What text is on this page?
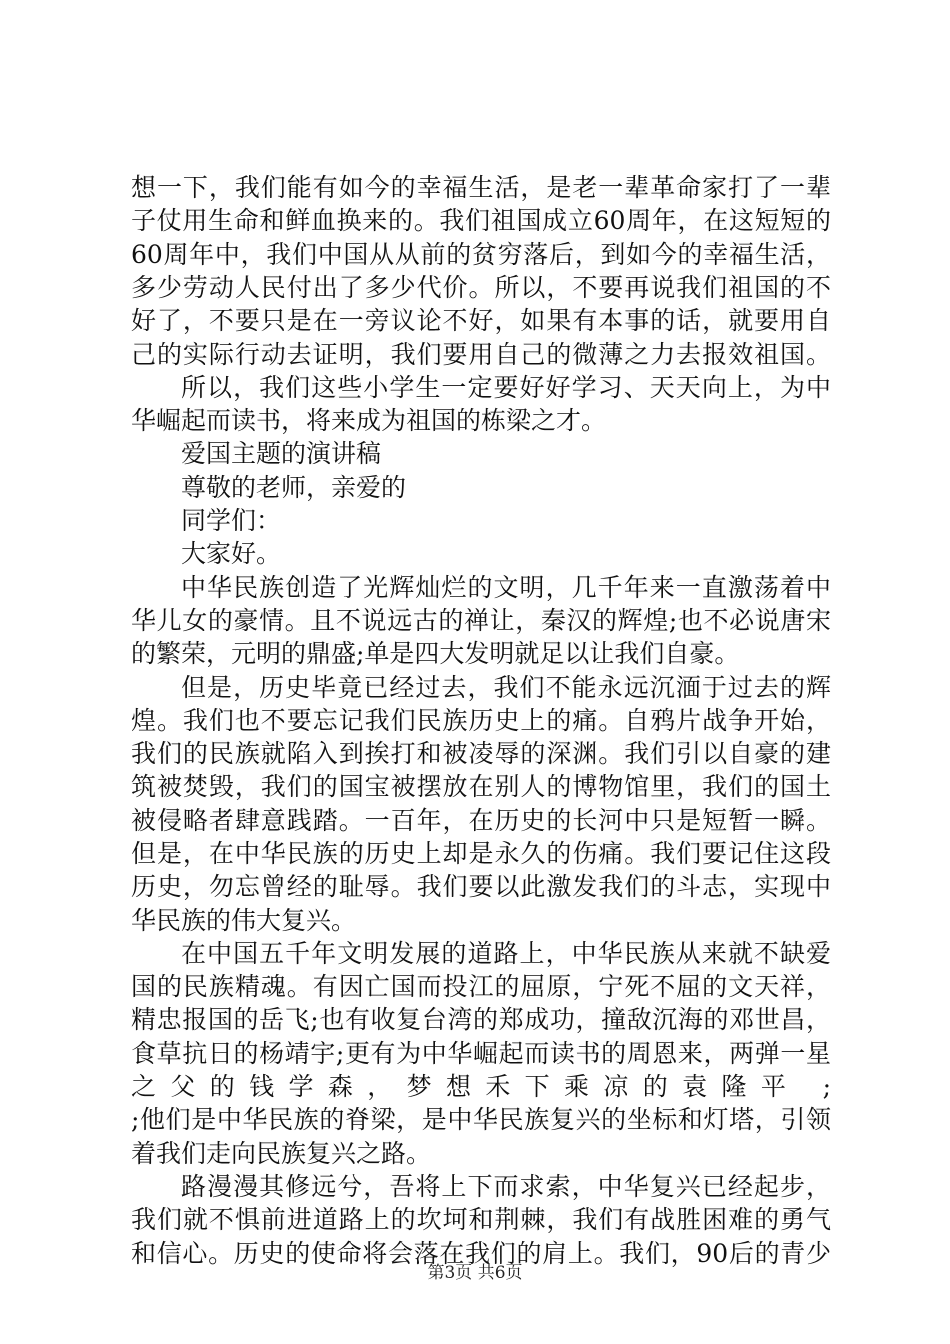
想一下，我们能有如今的幸福生活，是老一辈革命家打了一辈
子仗用生命和鲜血换来的。我们祖国成立60周年，在这短短的
60周年中，我们中国从从前的贫穷落后，到如今的幸福生活，
多少劳动人民付出了多少代价。所以，不要再说我们祖国的不
好了，不要只是在一旁议论不好，如果有本事的话，就要用自
己的实际行动去证明，我们要用自己的微薄之力去报效祖国。
所以，我们这些小学生一定要好好学习、天天向上，为中
华崛起而读书，将来成为祖国的栋梁之才。
爱国主题的演讲稿
尊敬的老师，亲爱的
同学们：
大家好。
中华民族创造了光辉灿烂的文明，几千年来一直激荡着中
华儿女的豪情。且不说远古的禅让，秦汉的辉煌;也不必说唐宋
的繁荣，元明的鼎盛;单是四大发明就足以让我们自豪。
但是，历史毕竟已经过去，我们不能永远沉湎于过去的辉
煌。我们也不要忘记我们民族历史上的痛。自鸦片战争开始，
我们的民族就陷入到挨打和被凌辱的深渊。我们引以自豪的建
筑被焚毁，我们的国宝被摆放在别人的博物馆里，我们的国土
被侵略者肆意践踏。一百年，在历史的长河中只是短暂一瞬。
但是，在中华民族的历史上却是永久的伤痛。我们要记住这段
历史，勿忘曾经的耻辱。我们要以此激发我们的斗志，实现中
华民族的伟大复兴。
在中国五千年文明发展的道路上，中华民族从来就不缺爱
国的民族精魂。有因亡国而投江的屈原，宁死不屈的文天祥，
精忠报国的岳飞;也有收复台湾的郑成功，撞敌沉海的邓世昌，
食草抗日的杨靖宇;更有为中华崛起而读书的周恩来，两弹一星
之父的钱学森，梦想禾下乘凉的袁隆平 ;
;他们是中华民族的脊梁，是中华民族复兴的坐标和灯塔，引领
着我们走向民族复兴之路。
路漫漫其修远兮，吾将上下而求索，中华复兴已经起步，
我们就不惧前进道路上的坎坷和荆棘，我们有战胜困难的勇气
和信心。历史的使命将会落在我们的肩上。我们，90后的青少
第3页 共6页
